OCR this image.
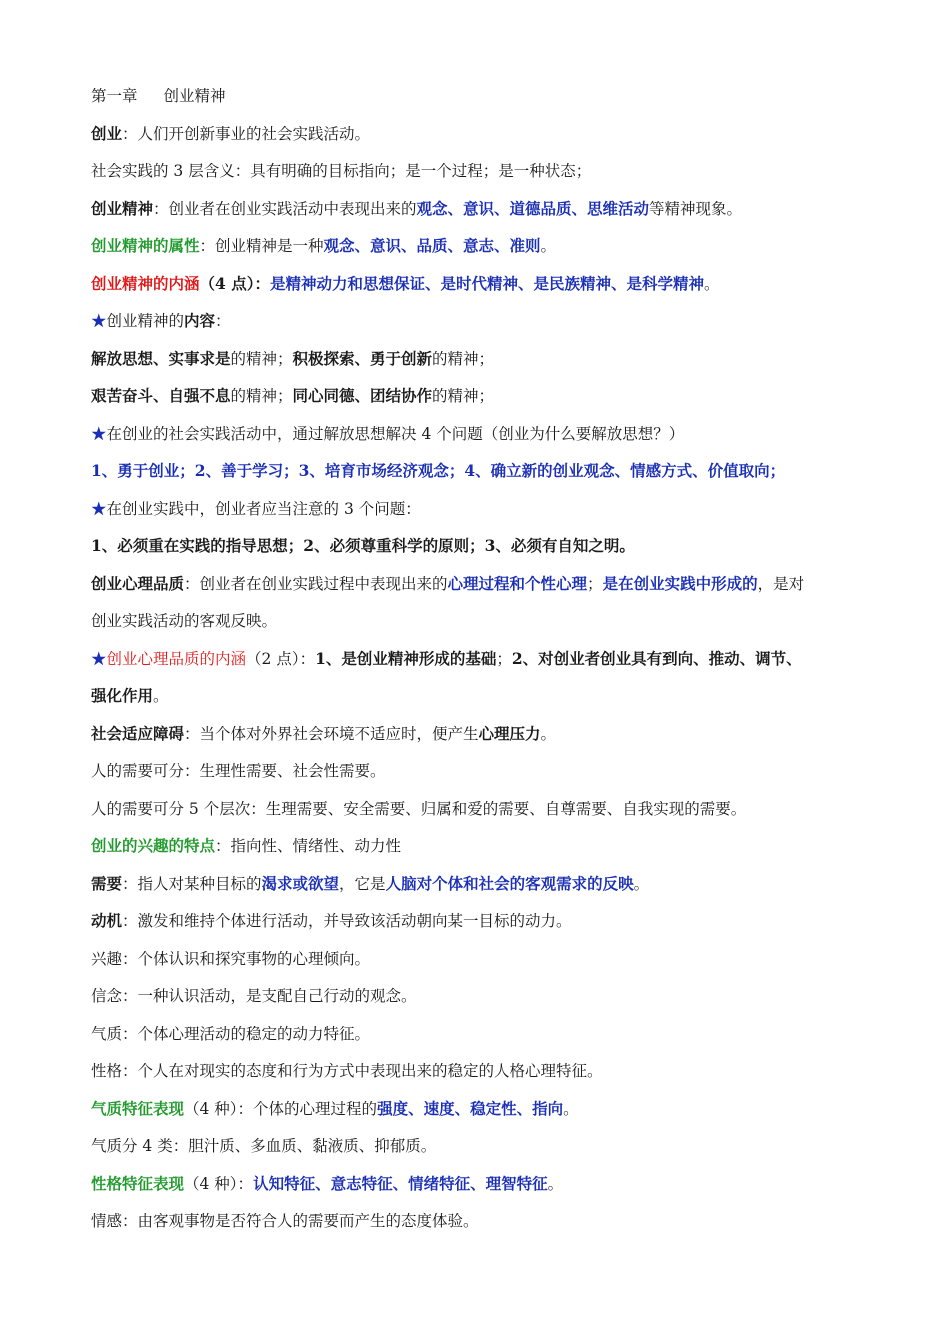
第一章 创业精神
创业：人们开创新事业的社会实践活动。
社会实践的 3 层含义：具有明确的目标指向；是一个过程；是一种状态；
创业精神：创业者在创业实践活动中表现出来的观念、意识、道德品质、思维活动等精神现象。
创业精神的属性：创业精神是一种观念、意识、品质、意志、准则。
创业精神的内涵（4 点）：是精神动力和思想保证、是时代精神、是民族精神、是科学精神。
★创业精神的内容：
解放思想、实事求是的精神；积极探索、勇于创新的精神；
艰苦奋斗、自强不息的精神；同心同德、团结协作的精神；
★在创业的社会实践活动中，通过解放思想解决 4 个问题（创业为什么要解放思想？）
1、勇于创业；2、善于学习；3、培育市场经济观念；4、确立新的创业观念、情感方式、价值取向；
★在创业实践中，创业者应当注意的 3 个问题：
1、必须重在实践的指导思想；2、必须尊重科学的原则；3、必须有自知之明。
创业心理品质：创业者在创业实践过程中表现出来的心理过程和个性心理；是在创业实践中形成的，是对
创业实践活动的客观反映。
★创业心理品质的内涵（2 点）：1、是创业精神形成的基础；2、对创业者创业具有到向、推动、调节、
强化作用。
社会适应障碍：当个体对外界社会环境不适应时，便产生心理压力。
人的需要可分：生理性需要、社会性需要。
人的需要可分 5 个层次：生理需要、安全需要、归属和爱的需要、自尊需要、自我实现的需要。
创业的兴趣的特点：指向性、情绪性、动力性
需要：指人对某种目标的渴求或欲望，它是人脑对个体和社会的客观需求的反映。
动机：激发和维持个体进行活动，并导致该活动朝向某一目标的动力。
兴趣：个体认识和探究事物的心理倾向。
信念：一种认识活动，是支配自己行动的观念。
气质：个体心理活动的稳定的动力特征。
性格：个人在对现实的态度和行为方式中表现出来的稳定的人格心理特征。
气质特征表现（4 种）：个体的心理过程的强度、速度、稳定性、指向。
气质分 4 类：胆汁质、多血质、黏液质、抑郁质。
性格特征表现（4 种）：认知特征、意志特征、情绪特征、理智特征。
情感：由客观事物是否符合人的需要而产生的态度体验。
